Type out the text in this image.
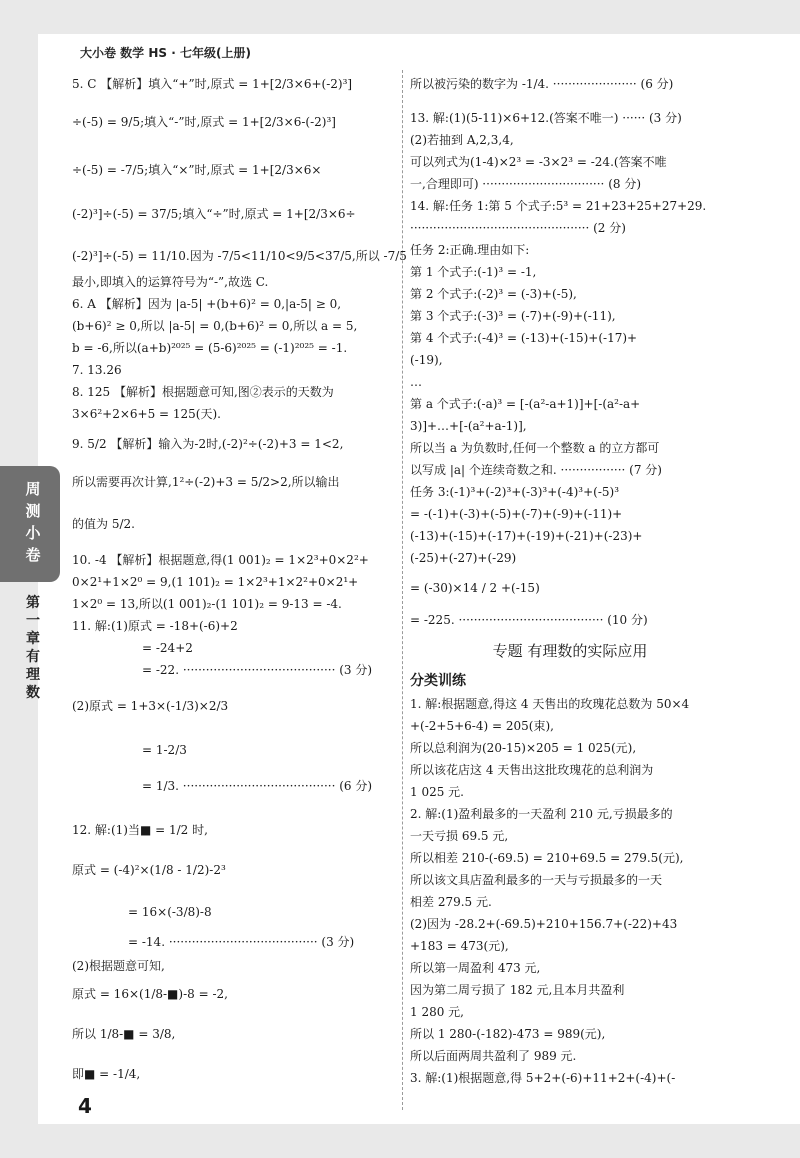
大小卷 数学 HS · 七年级(上册)
周测小卷
第一章 有理数
4
5. C 【解析】填入“+”时,原式 = 1+[2/3×6+(-2)³]
÷(-5) = 9/5;填入“-”时,原式 = 1+[2/3×6-(-2)³]
÷(-5) = -7/5;填入“×”时,原式 = 1+[2/3×6×
(-2)³]÷(-5) = 37/5;填入“÷”时,原式 = 1+[2/3×6÷
(-2)³]÷(-5) = 11/10.因为 -7/5<11/10<9/5<37/5,所以 -7/5
最小,即填入的运算符号为“-”,故选 C.
6. A 【解析】因为 |a-5| +(b+6)² = 0,|a-5| ≥ 0,
(b+6)² ≥ 0,所以 |a-5| = 0,(b+6)² = 0,所以 a = 5,
b = -6,所以(a+b)²⁰²⁵ = (5-6)²⁰²⁵ = (-1)²⁰²⁵ = -1.
7. 13.26
8. 125 【解析】根据题意可知,图②表示的天数为
3×6²+2×6+5 = 125(天).
9. 5/2 【解析】输入为-2时,(-2)²÷(-2)+3 = 1<2,
所以需要再次计算,1²÷(-2)+3 = 5/2>2,所以输出
的值为 5/2.
10. -4 【解析】根据题意,得(1 001)₂ = 1×2³+0×2²+
0×2¹+1×2⁰ = 9,(1 101)₂ = 1×2³+1×2²+0×2¹+
1×2⁰ = 13,所以(1 001)₂-(1 101)₂ = 9-13 = -4.
11. 解:(1)原式 = -18+(-6)+2
= -24+2
= -22. ········································ (3 分)
(2)原式 = 1+3×(-1/3)×2/3
= 1-2/3
= 1/3. ········································ (6 分)
12. 解:(1)当■ = 1/2 时,
原式 = (-4)²×(1/8 - 1/2)-2³
= 16×(-3/8)-8
= -14. ······································· (3 分)
(2)根据题意可知,
原式 = 16×(1/8-■)-8 = -2,
所以 1/8-■ = 3/8,
即■ = -1/4,
所以被污染的数字为 -1/4. ······················ (6 分)
13. 解:(1)(5-11)×6+12.(答案不唯一) ······ (3 分)
(2)若抽到 A,2,3,4,
可以列式为(1-4)×2³ = -3×2³ = -24.(答案不唯
一,合理即可) ································ (8 分)
14. 解:任务 1:第 5 个式子:5³ = 21+23+25+27+29.
··············································· (2 分)
任务 2:正确.理由如下:
第 1 个式子:(-1)³ = -1,
第 2 个式子:(-2)³ = (-3)+(-5),
第 3 个式子:(-3)³ = (-7)+(-9)+(-11),
第 4 个式子:(-4)³ = (-13)+(-15)+(-17)+
(-19),
…
第 a 个式子:(-a)³ = [-(a²-a+1)]+[-(a²-a+
3)]+…+[-(a²+a-1)],
所以当 a 为负数时,任何一个整数 a 的立方都可
以写成 |a| 个连续奇数之和. ················· (7 分)
任务 3:(-1)³+(-2)³+(-3)³+(-4)³+(-5)³
= -(-1)+(-3)+(-5)+(-7)+(-9)+(-11)+
(-13)+(-15)+(-17)+(-19)+(-21)+(-23)+
(-25)+(-27)+(-29)
= (-30)×14 / 2 +(-15)
= -225. ······································ (10 分)
专题 有理数的实际应用
分类训练
1. 解:根据题意,得这 4 天售出的玫瑰花总数为 50×4
+(-2+5+6-4) = 205(束),
所以总利润为(20-15)×205 = 1 025(元),
所以该花店这 4 天售出这批玫瑰花的总利润为
1 025 元.
2. 解:(1)盈利最多的一天盈利 210 元,亏损最多的
一天亏损 69.5 元,
所以相差 210-(-69.5) = 210+69.5 = 279.5(元),
所以该文具店盈利最多的一天与亏损最多的一天
相差 279.5 元.
(2)因为 -28.2+(-69.5)+210+156.7+(-22)+43
+183 = 473(元),
所以第一周盈利 473 元,
因为第二周亏损了 182 元,且本月共盈利
1 280 元,
所以 1 280-(-182)-473 = 989(元),
所以后面两周共盈利了 989 元.
3. 解:(1)根据题意,得 5+2+(-6)+11+2+(-4)+(-
